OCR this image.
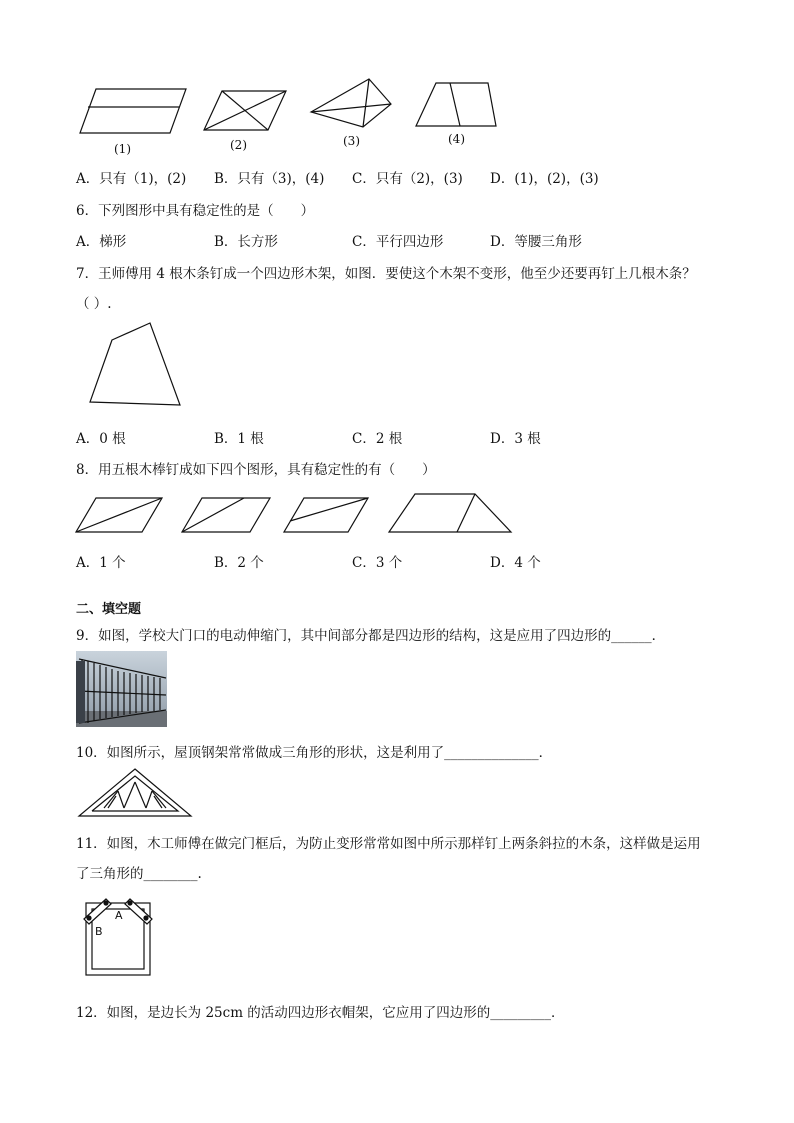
(1)	(2)	(3)	(4)
A．只有（1)，(2) B．只有（3)，(4) C．只有（2)，(3) D．(1)，(2)，(3)
6．下列图形中具有稳定性的是（　　）
A．梯形	B．长方形	C．平行四边形	D．等腰三角形
7．王师傅用 4 根木条钉成一个四边形木架，如图．要使这个木架不变形，他至少还要再钉上几根木条？
（ ）.
A．0 根	B．1 根	C．2 根	D．3 根
8．用五根木棒钉成如下四个图形，具有稳定性的有（　　）
A．1 个	B．2 个	C．3 个	D．4 个
二、填空题
9．如图，学校大门口的电动伸缩门，其中间部分都是四边形的结构，这是应用了四边形的______．
10．如图所示，屋顶钢架常常做成三角形的形状，这是利用了______________．
11．如图，木工师傅在做完门框后，为防止变形常常如图中所示那样钉上两条斜拉的木条，这样做是运用
了三角形的________.
A
B
12．如图，是边长为 25cm 的活动四边形衣帽架，它应用了四边形的_________．
